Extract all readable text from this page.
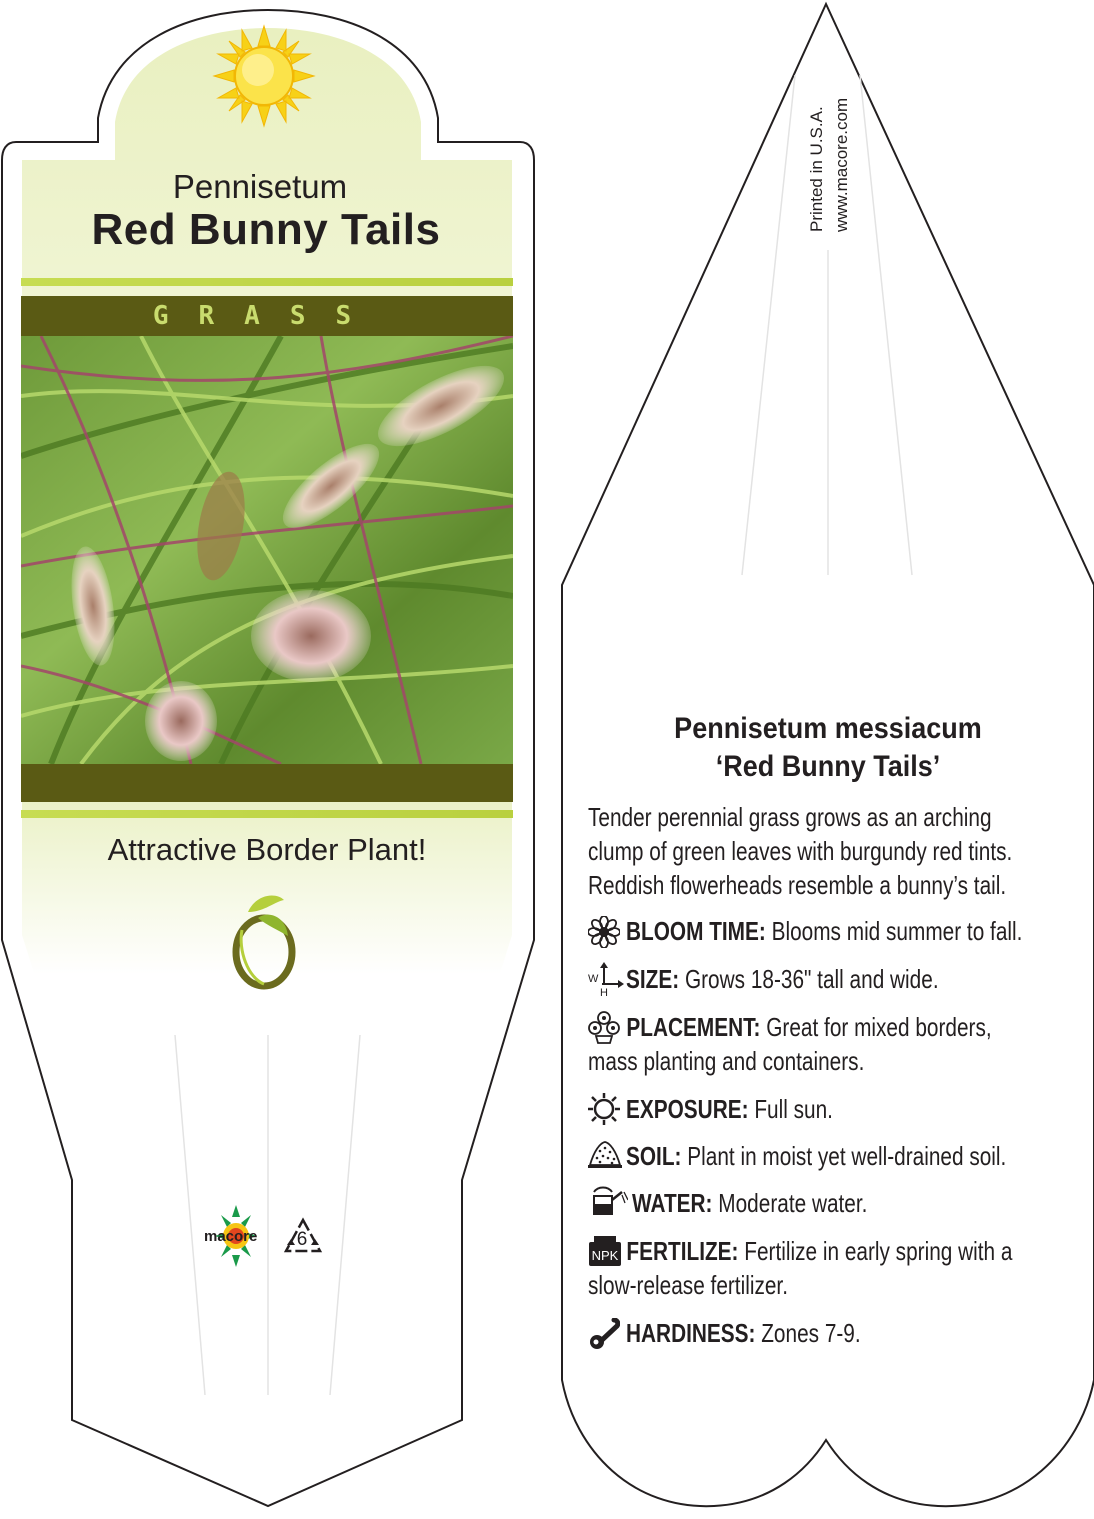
Pennisetum
Red Bunny Tails
GRASS
Attractive Border Plant!
macore 6
Printed in U.S.A. www.macore.com
Pennisetum messiacum
‘Red Bunny Tails’
Tender perennial grass grows as an arching clump of green leaves with burgundy red tints. Reddish flowerheads resemble a bunny’s tail.
W
H
NPK
BLOOM TIME: Blooms mid summer to fall.
SIZE: Grows 18-36" tall and wide.
PLACEMENT: Great for mixed borders, mass planting and containers.
EXPOSURE: Full sun.
SOIL: Plant in moist yet well-drained soil.
WATER: Moderate water.
FERTILIZE: Fertilize in early spring with a slow-release fertilizer.
HARDINESS: Zones 7-9.
